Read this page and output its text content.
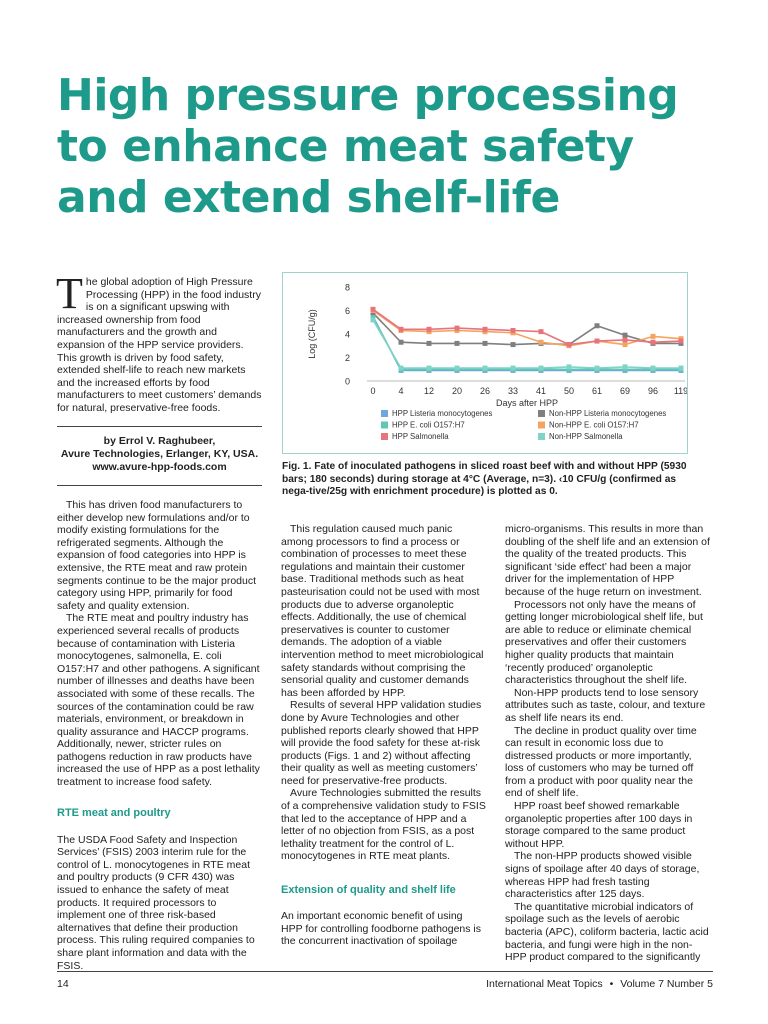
High pressure processing to enhance meat safety and extend shelf-life
The global adoption of High Pressure Processing (HPP) in the food industry is on a significant upswing with increased ownership from food manufacturers and the growth and expansion of the HPP service providers. This growth is driven by food safety, extended shelf-life to reach new markets and the increased efforts by food manufacturers to meet customers’ demands for natural, preservative-free foods.

by Errol V. Raghubeer,

Avure Technologies, Erlanger, KY, USA.

www.avure-hpp-foods.com

This has driven food manufacturers to either develop new formulations and/or to modify existing formulations for the refrigerated segments. Although the expansion of food categories into HPP is extensive, the RTE meat and raw protein segments continue to be the major product category using HPP, primarily for food safety and quality extension.

The RTE meat and poultry industry has experienced several recalls of products because of contamination with Listeria monocytogenes, salmonella, E. coli O157:H7 and other pathogens. A significant number of illnesses and deaths have been associated with some of these recalls. The sources of the contamination could be raw materials, environment, or breakdown in quality assurance and HACCP programs. Additionally, newer, stricter rules on pathogens reduction in raw products have increased the use of HPP as a post lethality treatment to increase food safety.

RTE meat and poultry

The USDA Food Safety and Inspection Services’ (FSIS) 2003 interim rule for the control of L. monocytogenes in RTE meat and poultry products (9 CFR 430) was issued to enhance the safety of meat products. It required processors to implement one of three risk-based alternatives that define their production process. This ruling required companies to share plant information and data with the FSIS.

0
2
4
6
8
0	4 12 20 26 33 41 50 61 69 96 119
Days after HPP
Log (CFU/g)
HPP Listeria monocytogenes	Non-HPP Listeria monocytogenes
HPP E. coli O157:H7	Non-HPP E. coli O157:H7
HPP Salmonella	Non-HPP Salmonella

Fig. 1. Fate of inoculated pathogens in sliced roast beef with and without HPP (5930 bars; 180 seconds) during storage at 4°C (Average, n=3). ‹10 CFU/g (confirmed as nega-tive/25g with enrichment procedure) is plotted as 0.

This regulation caused much panic among processors to find a process or combination of processes to meet these regulations and maintain their customer base. Traditional methods such as heat pasteurisation could not be used with most products due to adverse organoleptic effects. Additionally, the use of chemical preservatives is counter to customer demands. The adoption of a viable intervention method to meet microbiological safety standards without comprising the sensorial quality and customer demands has been afforded by HPP.

Results of several HPP validation studies done by Avure Technologies and other published reports clearly showed that HPP will provide the food safety for these at-risk products (Figs. 1 and 2) without affecting their quality as well as meeting customers’ need for preservative-free products.

Avure Technologies submitted the results of a comprehensive validation study to FSIS that led to the acceptance of HPP and a letter of no objection from FSIS, as a post lethality treatment for the control of L. monocytogenes in RTE meat plants.

Extension of quality and shelf life

An important economic benefit of using HPP for controlling foodborne pathogens is the concurrent inactivation of spoilage

micro-organisms. This results in more than doubling of the shelf life and an extension of the quality of the treated products. This significant ‘side effect’ had been a major driver for the implementation of HPP because of the huge return on investment.

Processors not only have the means of getting longer microbiological shelf life, but are able to reduce or eliminate chemical preservatives and offer their customers higher quality products that maintain ‘recently produced’ organoleptic characteristics throughout the shelf life.

Non-HPP products tend to lose sensory attributes such as taste, colour, and texture as shelf life nears its end.

The decline in product quality over time can result in economic loss due to distressed products or more importantly, loss of customers who may be turned off from a product with poor quality near the end of shelf life.

HPP roast beef showed remarkable organoleptic properties after 100 days in storage compared to the same product without HPP.

The non-HPP products showed visible signs of spoilage after 40 days of storage, whereas HPP had fresh tasting characteristics after 125 days.

The quantitative microbial indicators of spoilage such as the levels of aerobic bacteria (APC), coliform bacteria, lactic acid bacteria, and fungi were high in the non-HPP product compared to the significantly

14	International Meat Topics • Volume 7 Number 5
